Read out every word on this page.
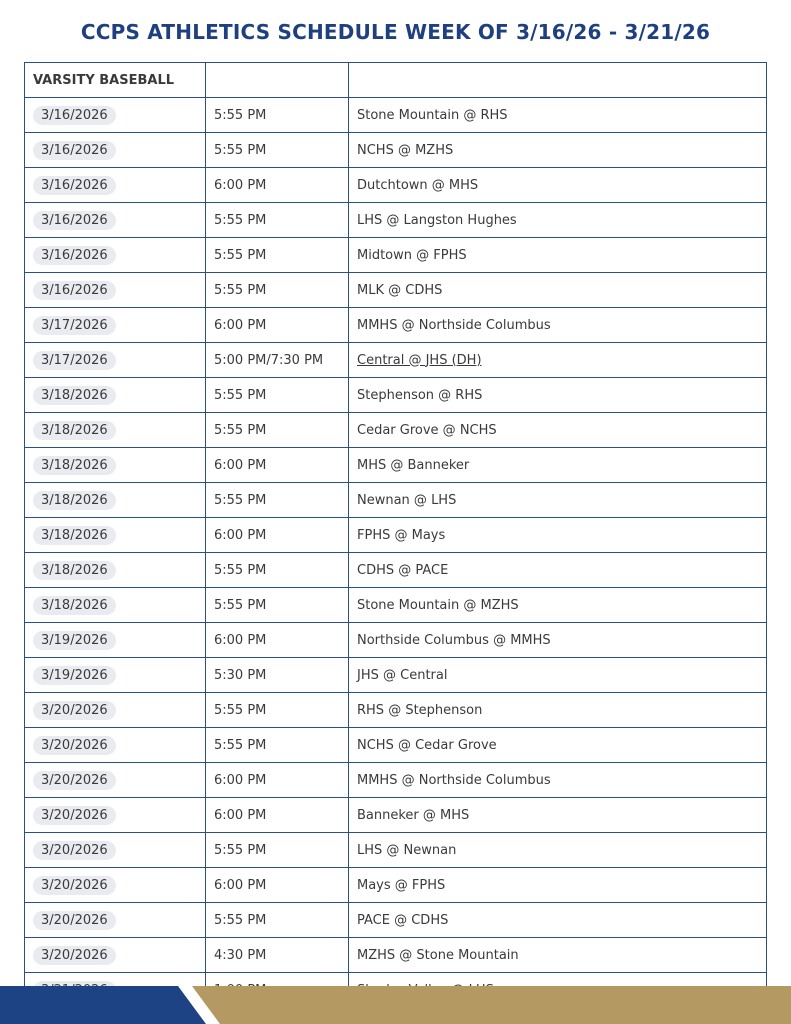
CCPS ATHLETICS SCHEDULE WEEK OF 3/16/26 - 3/21/26
VARSITY BASEBALL		
3/16/2026	5:55 PM	Stone Mountain @ RHS
3/16/2026	5:55 PM	NCHS @ MZHS
3/16/2026	6:00 PM	Dutchtown @ MHS
3/16/2026	5:55 PM	LHS @ Langston Hughes
3/16/2026	5:55 PM	Midtown @ FPHS
3/16/2026	5:55 PM	MLK @ CDHS
3/17/2026	6:00 PM	MMHS @ Northside Columbus
3/17/2026	5:00 PM/7:30 PM	Central @ JHS (DH)
3/18/2026	5:55 PM	Stephenson @ RHS
3/18/2026	5:55 PM	Cedar Grove @ NCHS
3/18/2026	6:00 PM	MHS @ Banneker
3/18/2026	5:55 PM	Newnan @ LHS
3/18/2026	6:00 PM	FPHS @ Mays
3/18/2026	5:55 PM	CDHS @ PACE
3/18/2026	5:55 PM	Stone Mountain @ MZHS
3/19/2026	6:00 PM	Northside Columbus @ MMHS
3/19/2026	5:30 PM	JHS @ Central
3/20/2026	5:55 PM	RHS @ Stephenson
3/20/2026	5:55 PM	NCHS @ Cedar Grove
3/20/2026	6:00 PM	MMHS @ Northside Columbus
3/20/2026	6:00 PM	Banneker @ MHS
3/20/2026	5:55 PM	LHS @ Newnan
3/20/2026	6:00 PM	Mays @ FPHS
3/20/2026	5:55 PM	PACE @ CDHS
3/20/2026	4:30 PM	MZHS @ Stone Mountain
